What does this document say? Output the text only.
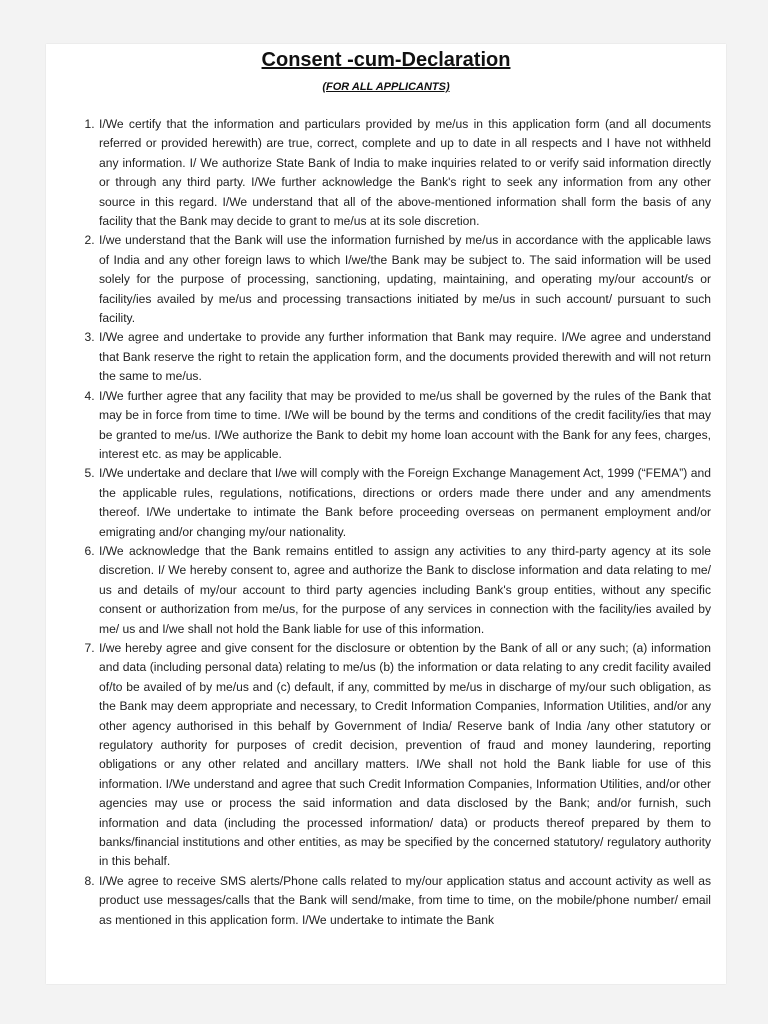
Consent -cum-Declaration
(FOR ALL APPLICANTS)
1. I/We certify that the information and particulars provided by me/us in this application form (and all documents referred or provided herewith) are true, correct, complete and up to date in all respects and I have not withheld any information. I/ We authorize State Bank of India to make inquiries related to or verify said information directly or through any third party. I/We further acknowledge the Bank's right to seek any information from any other source in this regard. I/We understand that all of the above-mentioned information shall form the basis of any facility that the Bank may decide to grant to me/us at its sole discretion.
2. I/we understand that the Bank will use the information furnished by me/us in accordance with the applicable laws of India and any other foreign laws to which I/we/the Bank may be subject to. The said information will be used solely for the purpose of processing, sanctioning, updating, maintaining, and operating my/our account/s or facility/ies availed by me/us and processing transactions initiated by me/us in such account/ pursuant to such facility.
3. I/We agree and undertake to provide any further information that Bank may require. I/We agree and understand that Bank reserve the right to retain the application form, and the documents provided therewith and will not return the same to me/us.
4. I/We further agree that any facility that may be provided to me/us shall be governed by the rules of the Bank that may be in force from time to time. I/We will be bound by the terms and conditions of the credit facility/ies that may be granted to me/us. I/We authorize the Bank to debit my home loan account with the Bank for any fees, charges, interest etc. as may be applicable.
5. I/We undertake and declare that I/we will comply with the Foreign Exchange Management Act, 1999 (“FEMA”) and the applicable rules, regulations, notifications, directions or orders made there under and any amendments thereof. I/We undertake to intimate the Bank before proceeding overseas on permanent employment and/or emigrating and/or changing my/our nationality.
6. I/We acknowledge that the Bank remains entitled to assign any activities to any third-party agency at its sole discretion. I/ We hereby consent to, agree and authorize the Bank to disclose information and data relating to me/ us and details of my/our account to third party agencies including Bank's group entities, without any specific consent or authorization from me/us, for the purpose of any services in connection with the facility/ies availed by me/ us and I/we shall not hold the Bank liable for use of this information.
7. I/we hereby agree and give consent for the disclosure or obtention by the Bank of all or any such; (a) information and data (including personal data) relating to me/us (b) the information or data relating to any credit facility availed of/to be availed of by me/us and (c) default, if any, committed by me/us in discharge of my/our such obligation, as the Bank may deem appropriate and necessary, to Credit Information Companies, Information Utilities, and/or any other agency authorised in this behalf by Government of India/ Reserve bank of India /any other statutory or regulatory authority for purposes of credit decision, prevention of fraud and money laundering, reporting obligations or any other related and ancillary matters. I/We shall not hold the Bank liable for use of this information. I/We understand and agree that such Credit Information Companies, Information Utilities, and/or other agencies may use or process the said information and data disclosed by the Bank; and/or furnish, such information and data (including the processed information/ data) or products thereof prepared by them to banks/financial institutions and other entities, as may be specified by the concerned statutory/ regulatory authority in this behalf.
8. I/We agree to receive SMS alerts/Phone calls related to my/our application status and account activity as well as product use messages/calls that the Bank will send/make, from time to time, on the mobile/phone number/ email as mentioned in this application form. I/We undertake to intimate the Bank
